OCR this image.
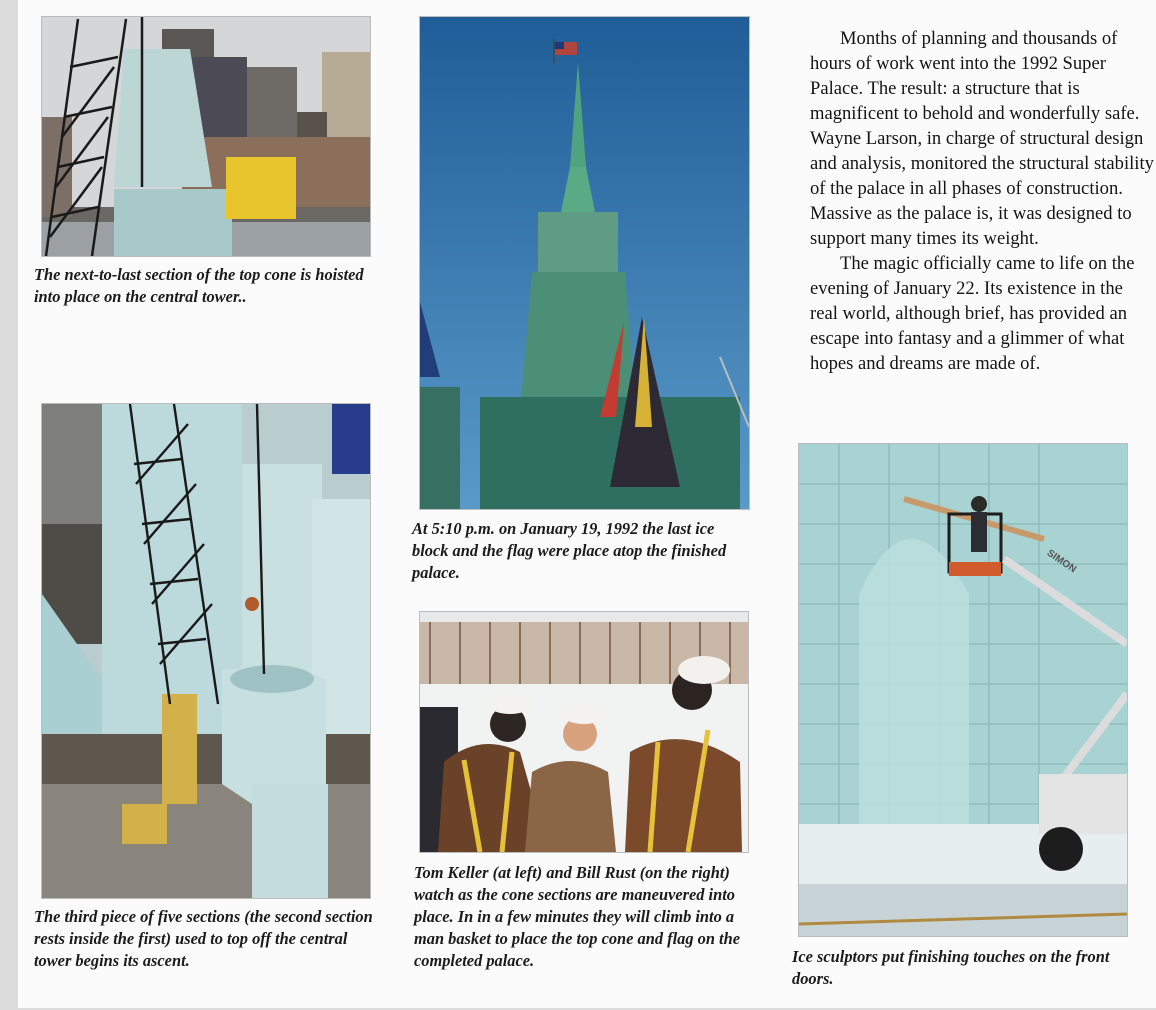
The next-to-last section of the top cone is hoisted into place on the central tower..
At 5:10 p.m. on January 19, 1992 the last ice block and the flag were place atop the finished palace.

Months of planning and thousands of hours of work went into the 1992 Super Palace. The result: a structure that is magnificent to behold and wonderfully safe. Wayne Larson, in charge of structural design and analysis, monitored the structural stability of the palace in all phases of construction. Massive as the palace is, it was designed to support many times its weight.

The magic officially came to life on the evening of January 22. Its existence in the real world, although brief, has provided an escape into fantasy and a glimmer of what hopes and dreams are made of.

The third piece of five sections (the second section rests inside the first) used to top off the central tower begins its ascent.
Tom Keller (at left) and Bill Rust (on the right) watch as the cone sections are maneuvered into place. In in a few minutes they will climb into a man basket to place the top cone and flag on the completed palace.
SIMON
Ice sculptors put finishing touches on the front doors.
